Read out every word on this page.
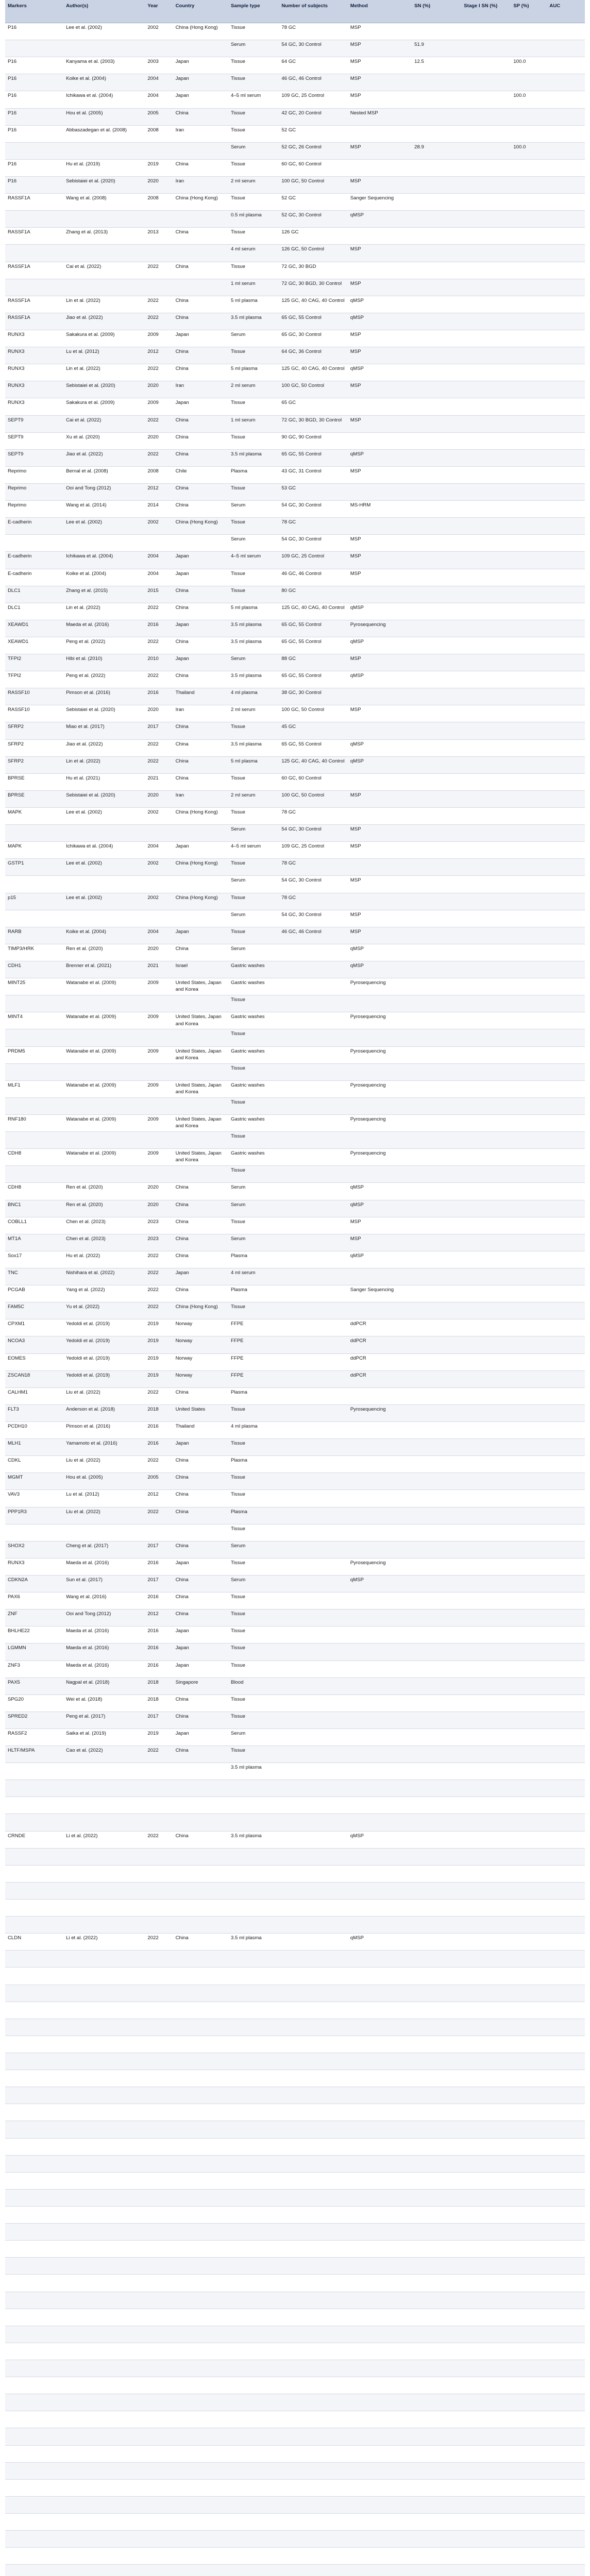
Markers	Author(s)	Year	Country	Sample type	Number of subjects	Method	SN (%)	Stage I SN (%)	SP (%)	AUC
P16	Lee et al. (2002)	2002	China (Hong Kong)	Tissue	78 GC	MSP				
				Serum	54 GC, 30 Control	MSP	51.9			
P16	Kanyama et al. (2003)	2003	Japan	Tissue	64 GC	MSP	12.5		100.0	
P16	Koike et al. (2004)	2004	Japan	Tissue	46 GC, 46 Control	MSP				
P16	Ichikawa et al. (2004)	2004	Japan	4–5 ml serum	109 GC, 25 Control	MSP			100.0	
P16	Hou et al. (2005)	2005	China	Tissue	42 GC, 20 Control	Nested MSP				
P16	Abbaszadegan et al. (2008)	2008	Iran	Tissue	52 GC					
				Serum	52 GC, 26 Control	MSP	28.9		100.0	
P16	Hu et al. (2019)	2019	China	Tissue	60 GC, 60 Control					
P16	Sebistaiei et al. (2020)	2020	Iran	2 ml serum	100 GC, 50 Control	MSP				
RASSF1A	Wang et al. (2008)	2008	China (Hong Kong)	Tissue	52 GC	Sanger Sequencing				
				0.5 ml plasma	52 GC, 30 Control	qMSP				
RASSF1A	Zhang et al. (2013)	2013	China	Tissue	126 GC					
				4 ml serum	126 GC, 50 Control	MSP				
RASSF1A	Cai et al. (2022)	2022	China	Tissue	72 GC, 30 BGD					
				1 ml serum	72 GC, 30 BGD, 30 Control	MSP				
RASSF1A	Lin et al. (2022)	2022	China	5 ml plasma	125 GC, 40 CAG, 40 Control	qMSP				
RASSF1A	Jiao et al. (2022)	2022	China	3.5 ml plasma	65 GC, 55 Control	qMSP				
RUNX3	Sakakura et al. (2009)	2009	Japan	Serum	65 GC, 30 Control	MSP				
RUNX3	Lu et al. (2012)	2012	China	Tissue	64 GC, 36 Control	MSP				
RUNX3	Lin et al. (2022)	2022	China	5 ml plasma	125 GC, 40 CAG, 40 Control	qMSP				
RUNX3	Sebistaiei et al. (2020)	2020	Iran	2 ml serum	100 GC, 50 Control	MSP				
RUNX3	Sakakura et al. (2009)	2009	Japan	Tissue	65 GC					
SEPT9	Cai et al. (2022)	2022	China	1 ml serum	72 GC, 30 BGD, 30 Control	MSP				
SEPT9	Xu et al. (2020)	2020	China	Tissue	90 GC, 90 Control					
SEPT9	Jiao et al. (2022)	2022	China	3.5 ml plasma	65 GC, 55 Control	qMSP				
Reprimo	Bernal et al. (2008)	2008	Chile	Plasma	43 GC, 31 Control	MSP				
Reprimo	Ooi and Tong (2012)	2012	China	Tissue	53 GC					
Reprimo	Wang et al. (2014)	2014	China	Serum	54 GC, 30 Control	MS-HRM				
E-cadherin	Lee et al. (2002)	2002	China (Hong Kong)	Tissue	78 GC					
				Serum	54 GC, 30 Control	MSP				
E-cadherin	Ichikawa et al. (2004)	2004	Japan	4–5 ml serum	109 GC, 25 Control	MSP				
E-cadherin	Koike et al. (2004)	2004	Japan	Tissue	46 GC, 46 Control	MSP				
DLC1	Zhang et al. (2015)	2015	China	Tissue	80 GC					
DLC1	Lin et al. (2022)	2022	China	5 ml plasma	125 GC, 40 CAG, 40 Control	qMSP				
XEAWD1	Maeda et al. (2016)	2016	Japan	3.5 ml plasma	65 GC, 55 Control	Pyrosequencing				
XEAWD1	Peng et al. (2022)	2022	China	3.5 ml plasma	65 GC, 55 Control	qMSP				
TFPI2	Hibi et al. (2010)	2010	Japan	Serum	88 GC	MSP				
TFPI2	Peng et al. (2022)	2022	China	3.5 ml plasma	65 GC, 55 Control	qMSP				
RASSF10	Pimson et al. (2016)	2016	Thailand	4 ml plasma	38 GC, 30 Control					
RASSF10	Sebistaiei et al. (2020)	2020	Iran	2 ml serum	100 GC, 50 Control	MSP				
SFRP2	Miao et al. (2017)	2017	China	Tissue	45 GC					
SFRP2	Jiao et al. (2022)	2022	China	3.5 ml plasma	65 GC, 55 Control	qMSP				
SFRP2	Lin et al. (2022)	2022	China	5 ml plasma	125 GC, 40 CAG, 40 Control	qMSP				
BPRSE	Hu et al. (2021)	2021	China	Tissue	60 GC, 60 Control					
BPRSE	Sebistaiei et al. (2020)	2020	Iran	2 ml serum	100 GC, 50 Control	MSP				
MAPK	Lee et al. (2002)	2002	China (Hong Kong)	Tissue	78 GC					
				Serum	54 GC, 30 Control	MSP				
MAPK	Ichikawa et al. (2004)	2004	Japan	4–5 ml serum	109 GC, 25 Control	MSP				
GSTP1	Lee et al. (2002)	2002	China (Hong Kong)	Tissue	78 GC					
				Serum	54 GC, 30 Control	MSP				
p15	Lee et al. (2002)	2002	China (Hong Kong)	Tissue	78 GC					
				Serum	54 GC, 30 Control	MSP				
RARB	Koike et al. (2004)	2004	Japan	Tissue	46 GC, 46 Control	MSP				
TIMP3/HRK	Ren et al. (2020)	2020	China	Serum		qMSP				
CDH1	Brenner et al. (2021)	2021	Israel	Gastric washes		qMSP				
MINT25	Watanabe et al. (2009)	2009	United States, Japan and Korea	Gastric washes		Pyrosequencing				
				Tissue						
MINT4	Watanabe et al. (2009)	2009	United States, Japan and Korea	Gastric washes		Pyrosequencing				
				Tissue						
PRDM5	Watanabe et al. (2009)	2009	United States, Japan and Korea	Gastric washes		Pyrosequencing				
				Tissue						
MLF1	Watanabe et al. (2009)	2009	United States, Japan and Korea	Gastric washes		Pyrosequencing				
				Tissue						
RNF180	Watanabe et al. (2009)	2009	United States, Japan and Korea	Gastric washes		Pyrosequencing				
				Tissue						
CDH8	Watanabe et al. (2009)	2009	United States, Japan and Korea	Gastric washes		Pyrosequencing				
				Tissue						
CDH8	Ren et al. (2020)	2020	China	Serum		qMSP				
BNC1	Ren et al. (2020)	2020	China	Serum		qMSP				
COBLL1	Chen et al. (2023)	2023	China	Tissue		MSP				
MT1A	Chen et al. (2023)	2023	China	Serum		MSP				
Sox17	Hu et al. (2022)	2022	China	Plasma		qMSP				
TNC	Nishihara et al. (2022)	2022	Japan	4 ml serum						
PCGAB	Yang et al. (2022)	2022	China	Plasma		Sanger Sequencing				
FAM5C	Yu et al. (2022)	2022	China (Hong Kong)	Tissue						
CPXM1	Yedoldi et al. (2019)	2019	Norway	FFPE		ddPCR				
NCOA3	Yedoldi et al. (2019)	2019	Norway	FFPE		ddPCR				
EOMES	Yedoldi et al. (2019)	2019	Norway	FFPE		ddPCR				
ZSCAN18	Yedoldi et al. (2019)	2019	Norway	FFPE		ddPCR				
CALHM1	Liu et al. (2022)	2022	China	Plasma						
FLT3	Anderson et al. (2018)	2018	United States	Tissue		Pyrosequencing				
PCDH10	Pimson et al. (2016)	2016	Thailand	4 ml plasma						
MLH1	Yamamoto et al. (2016)	2016	Japan	Tissue						
CDKL	Liu et al. (2022)	2022	China	Plasma						
MGMT	Hou et al. (2005)	2005	China	Tissue						
VAV3	Lu et al. (2012)	2012	China	Tissue						
PPP1R3	Liu et al. (2022)	2022	China	Plasma						
				Tissue						
SHOX2	Cheng et al. (2017)	2017	China	Serum						
RUNX3	Maeda et al. (2016)	2016	Japan	Tissue		Pyrosequencing				
CDKN2A	Sun et al. (2017)	2017	China	Serum		qMSP				
PAX6	Wang et al. (2016)	2016	China	Tissue						
ZNF	Ooi and Tong (2012)	2012	China	Tissue						
BHLHE22	Maeda et al. (2016)	2016	Japan	Tissue						
LGMMN	Maeda et al. (2016)	2016	Japan	Tissue						
ZNF3	Maeda et al. (2016)	2016	Japan	Tissue						
PAX5	Nagpal et al. (2018)	2018	Singapore	Blood						
SPG20	Wei et al. (2018)	2018	China	Tissue						
SPRED2	Peng et al. (2017)	2017	China	Tissue						
RASSF2	Saika et al. (2019)	2019	Japan	Serum						
HLTF/MSPA	Cao et al. (2022)	2022	China	Tissue						
				3.5 ml plasma						

CRNDE	Li et al. (2022)	2022	China	3.5 ml plasma		qMSP				

CLDN	Li et al. (2022)	2022	China	3.5 ml plasma		qMSP				
